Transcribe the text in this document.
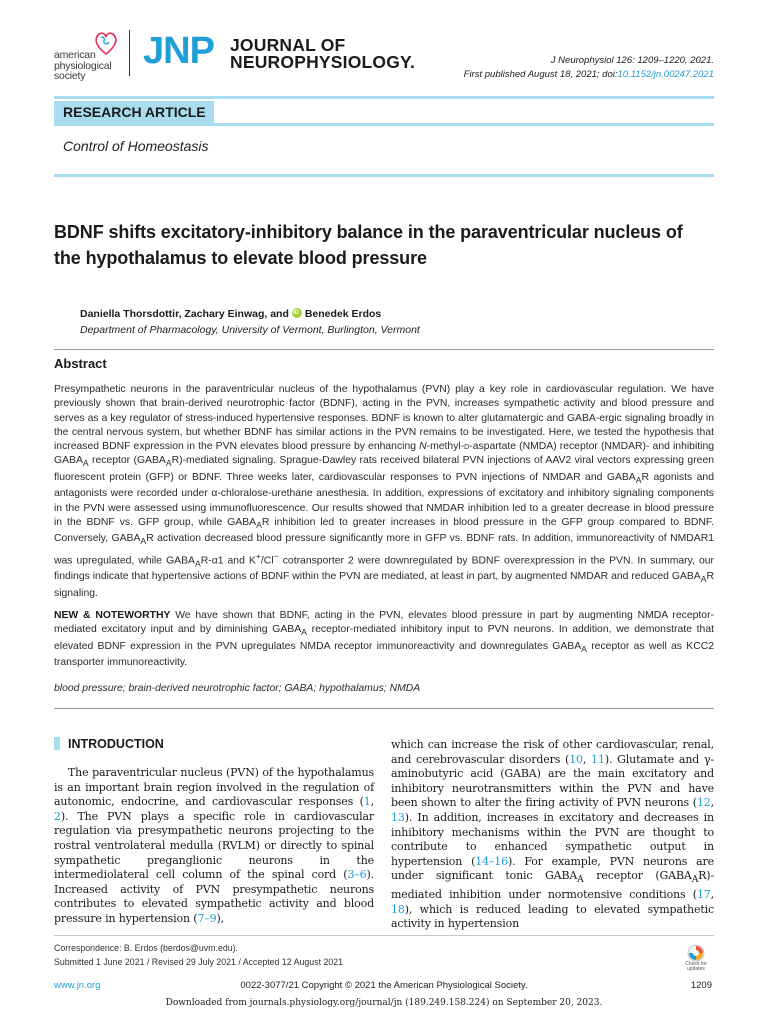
american
physiological
society
JNP JOURNAL OF
NEUROPHYSIOLOGY.	J Neurophysiol 126: 1209–1220, 2021.
First published August 18, 2021; doi:10.1152/jn.00247.2021
RESEARCH ARTICLE
Control of Homeostasis
BDNF shifts excitatory-inhibitory balance in the paraventricular nucleus of the hypothalamus to elevate blood pressure
Daniella Thorsdottir, Zachary Einwag, and iD Benedek Erdos
Department of Pharmacology, University of Vermont, Burlington, Vermont
Abstract
Presympathetic neurons in the paraventricular nucleus of the hypothalamus (PVN) play a key role in cardiovascular regulation. We have previously shown that brain-derived neurotrophic factor (BDNF), acting in the PVN, increases sympathetic activity and blood pressure and serves as a key regulator of stress-induced hypertensive responses. BDNF is known to alter glutamatergic and GABA-ergic signaling broadly in the central nervous system, but whether BDNF has similar actions in the PVN remains to be investigated. Here, we tested the hypothesis that increased BDNF expression in the PVN elevates blood pressure by enhancing N-methyl-d-aspartate (NMDA) receptor (NMDAR)- and inhibiting $GABA_A$ receptor $(GABA_AR)$-mediated signaling. Sprague-Dawley rats received bilateral PVN injections of AAV2 viral vectors expressing green fluorescent protein (GFP) or BDNF. Three weeks later, cardiovascular responses to PVN injections of NMDAR and $GABA_AR$ agonists and antagonists were recorded under α-chloralose-urethane anesthesia. In addition, expressions of excitatory and inhibitory signaling components in the PVN were assessed using immunofluorescence. Our results showed that NMDAR inhibition led to a greater decrease in blood pressure in the BDNF vs. GFP group, while $GABA_AR$ inhibition led to greater increases in blood pressure in the GFP group compared to BDNF. Conversely, $GABA_AR$ activation decreased blood pressure significantly more in GFP vs. BDNF rats. In addition, immunoreactivity of NMDAR1 was upregulated, while $GABA_AR-\alpha 1$ and K+/Cl− cotransporter 2 were downregulated by BDNF overexpression in the PVN. In summary, our findings indicate that hypertensive actions of BDNF within the PVN are mediated, at least in part, by augmented NMDAR and reduced $GABA_AR$ signaling.
NEW & NOTEWORTHY We have shown that BDNF, acting in the PVN, elevates blood pressure in part by augmenting NMDA receptor-mediated excitatory input and by diminishing $GABA_A$ receptor-mediated inhibitory input to PVN neurons. In addition, we demonstrate that elevated BDNF expression in the PVN upregulates NMDA receptor immunoreactivity and downregulates $GABA_A$ receptor as well as KCC2 transporter immunoreactivity.
blood pressure; brain-derived neurotrophic factor; GABA; hypothalamus; NMDA
INTRODUCTION
The paraventricular nucleus (PVN) of the hypothalamus is an important brain region involved in the regulation of autonomic, endocrine, and cardiovascular responses (1, 2). The PVN plays a specific role in cardiovascular regulation via presympathetic neurons projecting to the rostral ventrolateral medulla (RVLM) or directly to spinal sympathetic preganglionic neurons in the intermediolateral cell column of the spinal cord (3–6). Increased activity of PVN presympathetic neurons contributes to elevated sympathetic activity and blood pressure in hypertension (7–9),
which can increase the risk of other cardiovascular, renal, and cerebrovascular disorders (10, 11). Glutamate and γ-aminobutyric acid (GABA) are the main excitatory and inhibitory neurotransmitters within the PVN and have been shown to alter the firing activity of PVN neurons (12, 13). In addition, increases in excitatory and decreases in inhibitory mechanisms within the PVN are thought to contribute to enhanced sympathetic output in hypertension (14–16). For example, PVN neurons are under significant tonic $GABA_A$ receptor $(GABA_AR)$-mediated inhibition under normotensive conditions (17, 18), which is reduced leading to elevated sympathetic activity in hypertension
Correspondence: B. Erdos (berdos@uvm.edu).
Submitted 1 June 2021 / Revised 29 July 2021 / Accepted 12 August 2021	Check for updates
www.jn.org	0022-3077/21 Copyright © 2021 the American Physiological Society.	1209
Downloaded from journals.physiology.org/journal/jn (189.249.158.224) on September 20, 2023.
